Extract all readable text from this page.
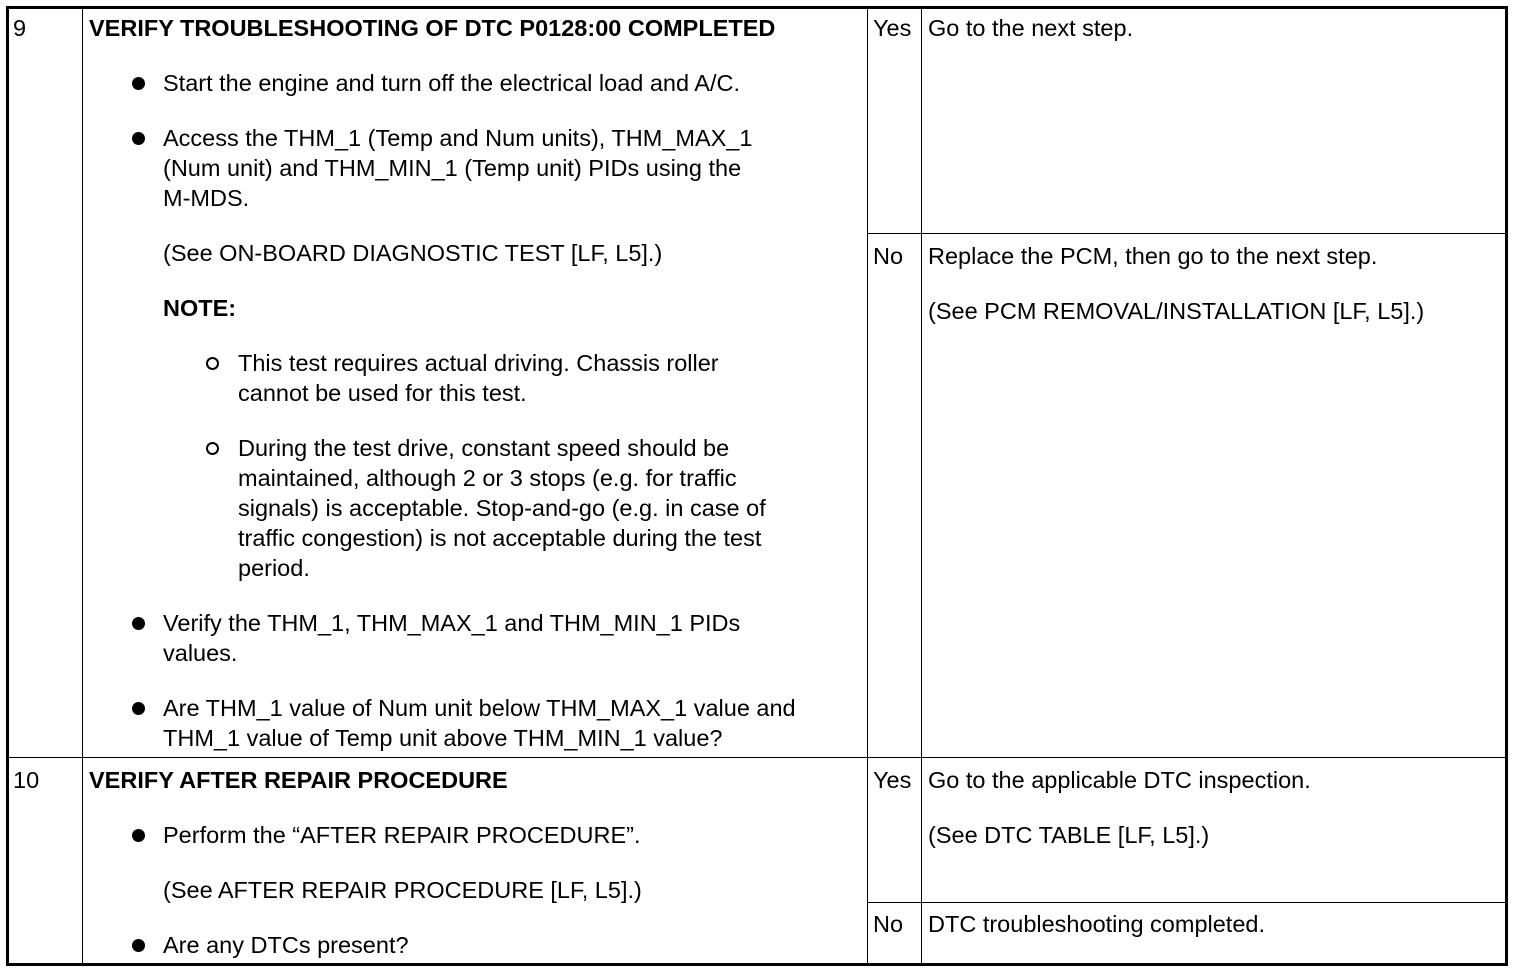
9	VERIFY TROUBLESHOOTING OF DTC P0128:00 COMPLETED
Start the engine and turn off the electrical load and A/C.
Access the THM_1 (Temp and Num units), THM_MAX_1
(Num unit) and THM_MIN_1 (Temp unit) PIDs using the
M-MDS.
(See ON-BOARD DIAGNOSTIC TEST [LF, L5].)
NOTE:
This test requires actual driving. Chassis roller
cannot be used for this test.
During the test drive, constant speed should be
maintained, although 2 or 3 stops (e.g. for traffic
signals) is acceptable. Stop-and-go (e.g. in case of
traffic congestion) is not acceptable during the test
period.
Verify the THM_1, THM_MAX_1 and THM_MIN_1 PIDs
values.
Are THM_1 value of Num unit below THM_MAX_1 value and
THM_1 value of Temp unit above THM_MIN_1 value?
Yes Go to the next step.
No Replace the PCM, then go to the next step.
(See PCM REMOVAL/INSTALLATION [LF, L5].)
10 VERIFY AFTER REPAIR PROCEDURE
Perform the “AFTER REPAIR PROCEDURE”.
(See AFTER REPAIR PROCEDURE [LF, L5].)
Are any DTCs present?
Yes Go to the applicable DTC inspection.
(See DTC TABLE [LF, L5].)
No DTC troubleshooting completed.
